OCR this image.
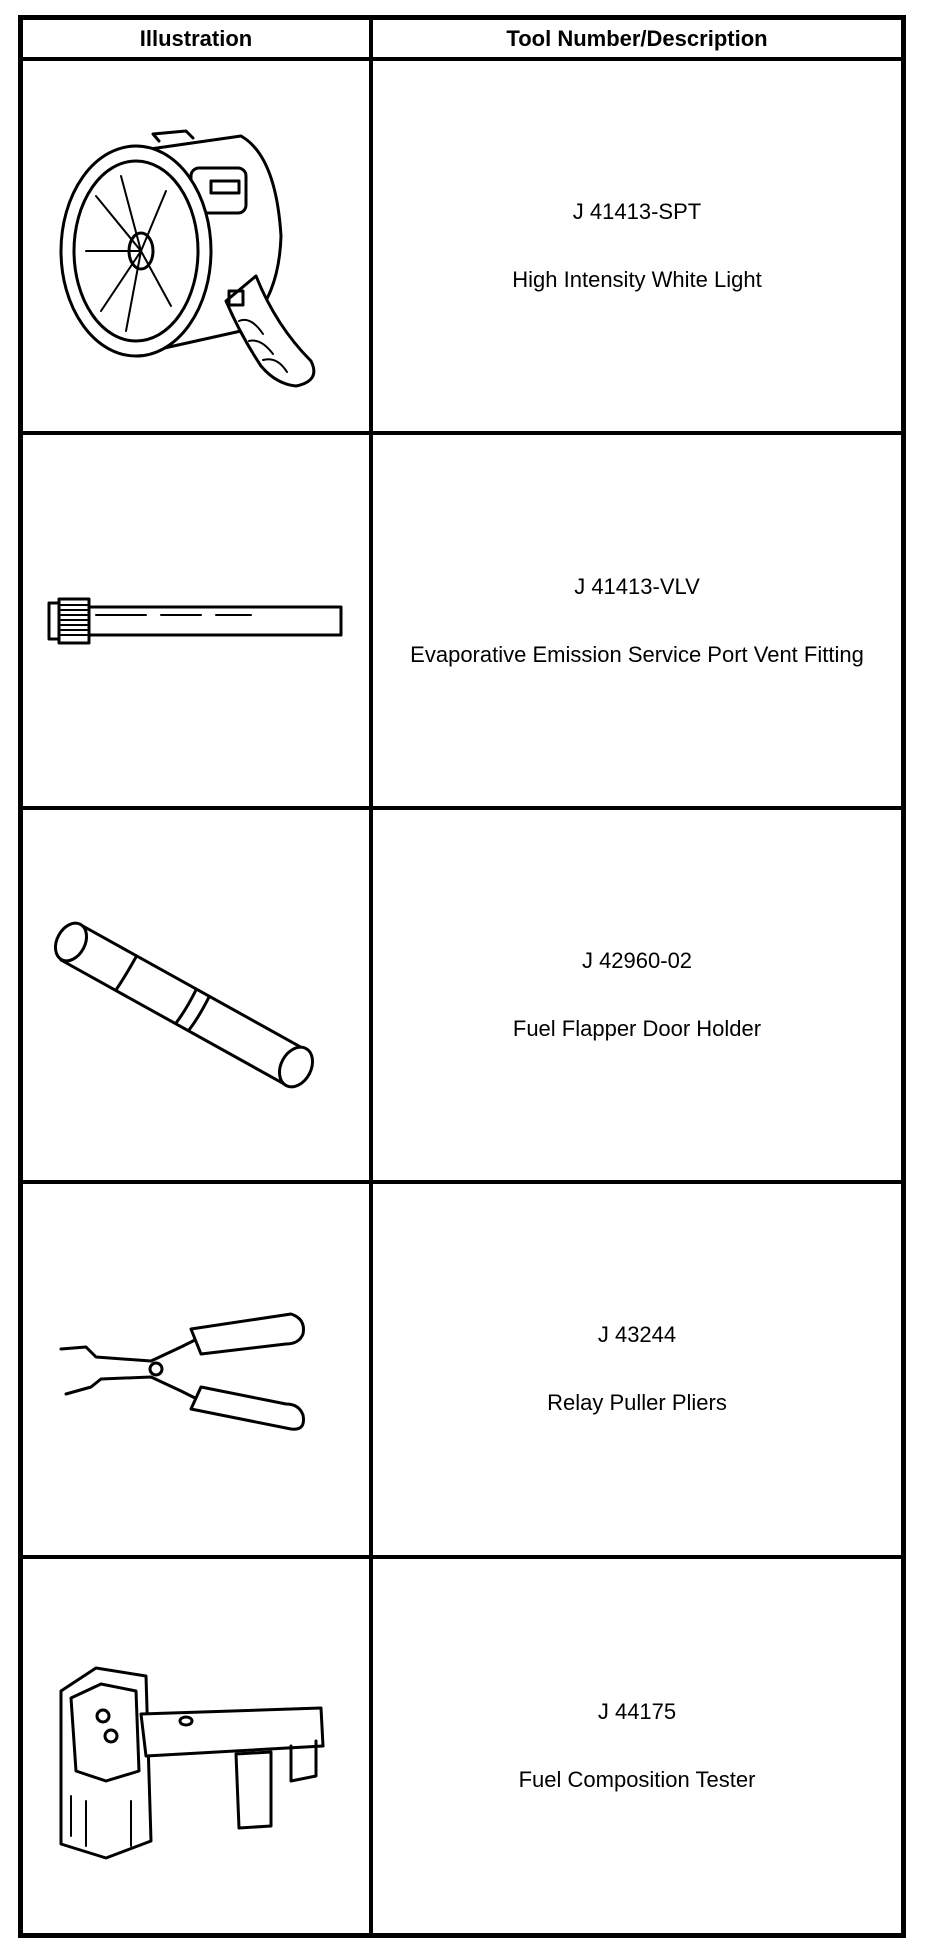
Illustration	Tool Number/Description
J 41413-SPT
High Intensity White Light
J 41413-VLV
Evaporative Emission Service Port Vent Fitting
J 42960-02
Fuel Flapper Door Holder
J 43244
Relay Puller Pliers
J 44175
Fuel Composition Tester
